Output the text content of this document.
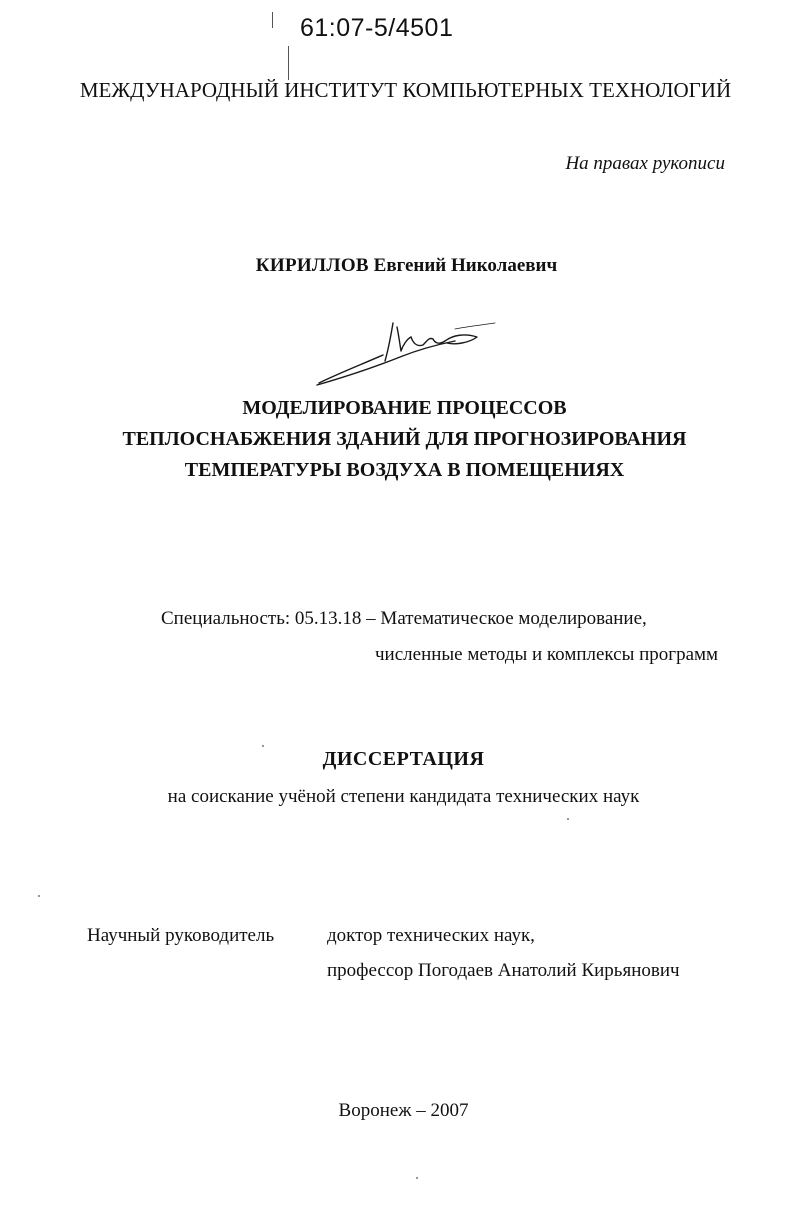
61:07-5/4501
МЕЖДУНАРОДНЫЙ ИНСТИТУТ КОМПЬЮТЕРНЫХ ТЕХНОЛОГИЙ
На правах рукописи
КИРИЛЛОВ Евгений Николаевич
МОДЕЛИРОВАНИЕ ПРОЦЕССОВ
ТЕПЛОСНАБЖЕНИЯ ЗДАНИЙ ДЛЯ ПРОГНОЗИРОВАНИЯ
ТЕМПЕРАТУРЫ ВОЗДУХА В ПОМЕЩЕНИЯХ
Специальность: 05.13.18 – Математическое моделирование,
численные методы и комплексы программ
ДИССЕРТАЦИЯ
на соискание учёной степени кандидата технических наук
Научный руководитель	доктор технических наук,
профессор Погодаев Анатолий Кирьянович
Воронеж – 2007
